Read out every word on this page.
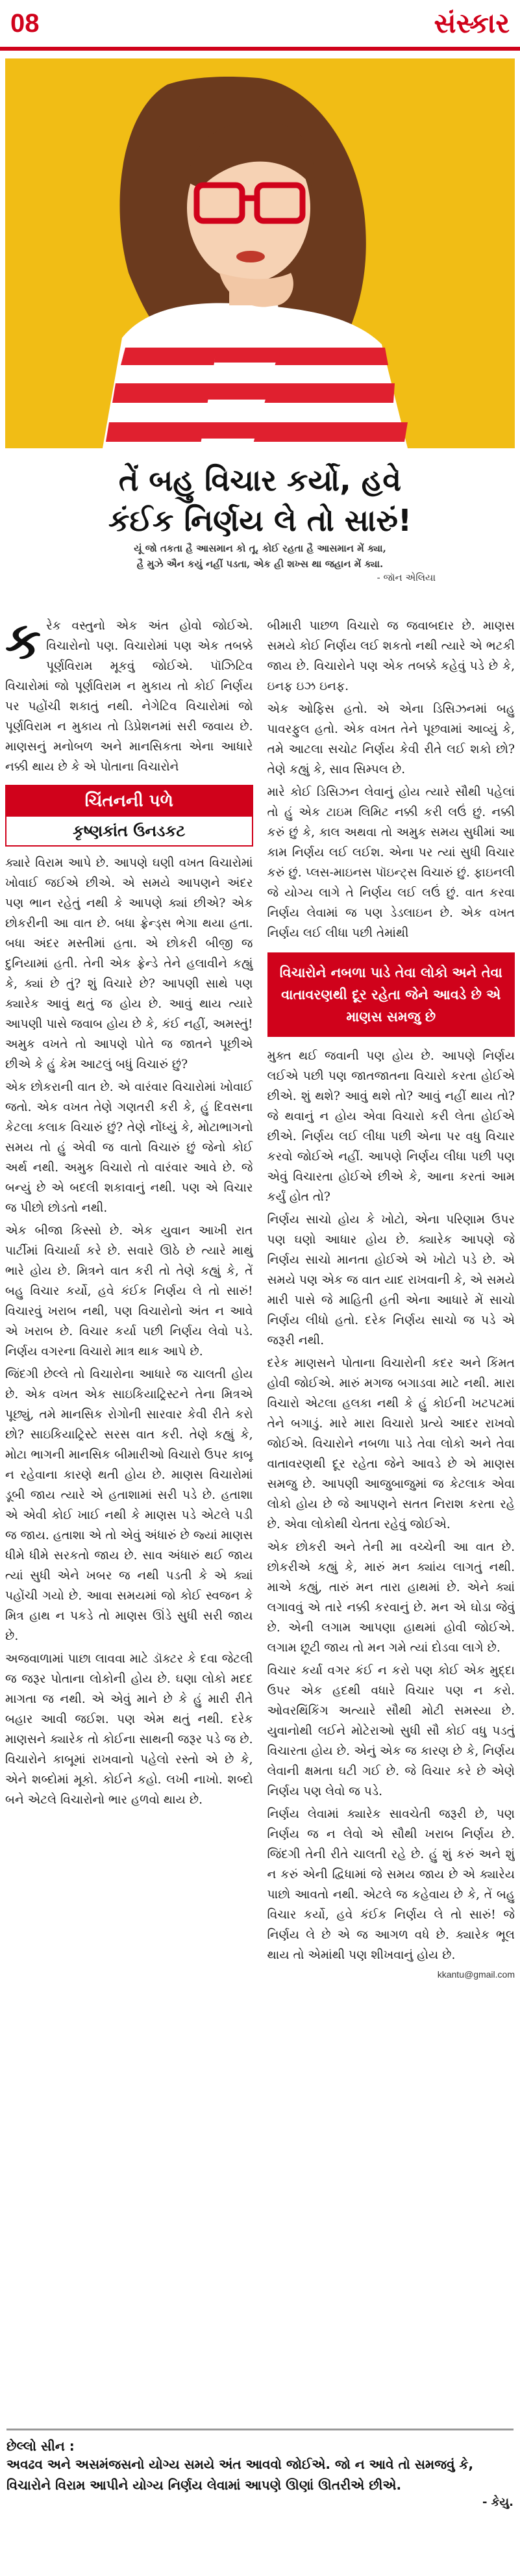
08	સંસ્કાર
તેં બહુ વિચાર કર્યો, હવે
કંઈક નિર્ણય લે તો સારું!
યૂં જો તકતા હૈ આસમાન કો તૂ, કોઈ રહતા હૈ આસમાન મેં ક્યા,
હૈ મુઝે ઐન કયું નહીં પડતા, એક હી શખ્સ થા જહાન મેં ક્યા.
- જૉન એલિયા

કરેક વસ્તુનો એક અંત હોવો જોઈએ. વિચારોનો પણ. વિચારોમાં પણ એક તબક્કે પૂર્ણવિરામ મૂકવું જોઈએ. પૉઝિટિવ વિચારોમાં જો પૂર્ણવિરામ ન મુકાય તો કોઈ નિર્ણય પર પહોંચી શકાતું નથી. નેગેટિવ વિચારોમાં જો પૂર્ણવિરામ ન મુકાય તો ડિપ્રેશનમાં સરી જવાય છે. માણસનું મનોબળ અને માનસિકતા એના આધારે નક્કી થાય છે કે એ પોતાના વિચારોને

ચિંતનની પળે
કૃષ્ણકાંત ઉનડકટ

ક્યારે વિરામ આપે છે. આપણે ઘણી વખત વિચારોમાં ખોવાઈ જઈએ છીએ. એ સમયે આપણને અંદર પણ ભાન રહેતું નથી કે આપણે ક્યાં છીએ? એક છોકરીની આ વાત છે. બધા ફ્રેન્ડ્સ ભેગા થયા હતા. બધા અંદર મસ્તીમાં હતા. એ છોકરી બીજી જ દુનિયામાં હતી. તેની એક ફ્રેન્ડે તેને હલાવીને કહ્યું કે, ક્યાં છે તું? શું વિચારે છે? આપણી સાથે પણ ક્યારેક આવું થતું જ હોય છે. આવું થાય ત્યારે આપણી પાસે જવાબ હોય છે કે, કંઈ નહીં, અમસ્તું! અમુક વખતે તો આપણે પોતે જ જાતને પૂછીએ છીએ કે હું કેમ આટલું બધું વિચારું છું?

એક છોકરાની વાત છે. એ વારંવાર વિચારોમાં ખોવાઈ જતો. એક વખત તેણે ગણતરી કરી કે, હું દિવસના કેટલા કલાક વિચારું છું? તેણે નોંધ્યું કે, મોટાભાગનો સમય તો હું એવી જ વાતો વિચારું છું જેનો કોઈ અર્થ નથી. અમુક વિચારો તો વારંવાર આવે છે. જે બન્યું છે એ બદલી શકાવાનું નથી. પણ એ વિચાર જ પીછો છોડતો નથી.

એક બીજા કિસ્સો છે. એક યુવાન આખી રાત પાર્ટીમાં વિચાર્યા કરે છે. સવારે ઊઠે છે ત્યારે માથું ભારે હોય છે. મિત્રને વાત કરી તો તેણે કહ્યું કે, તેં બહુ વિચાર કર્યો, હવે કંઈક નિર્ણય લે તો સારું! વિચારવું ખરાબ નથી, પણ વિચારોનો અંત ન આવે એ ખરાબ છે. વિચાર કર્યા પછી નિર્ણય લેવો પડે. નિર્ણય વગરના વિચારો માત્ર થાક આપે છે.

જિંદગી છેલ્લે તો વિચારોના આધારે જ ચાલતી હોય છે. એક વખત એક સાઇકિયાટ્રિસ્ટને તેના મિત્રએ પૂછ્યું, તમે માનસિક રોગોની સારવાર કેવી રીતે કરો છો? સાઇકિયાટ્રિસ્ટે સરસ વાત કરી. તેણે કહ્યું કે, મોટા ભાગની માનસિક બીમારીઓ વિચારો ઉપર કાબૂ ન રહેવાના કારણે થતી હોય છે. માણસ વિચારોમાં ડૂબી જાય ત્યારે એ હતાશામાં સરી પડે છે. હતાશા એ એવી કોઈ ખાઈ નથી કે માણસ પડે એટલે પડી જ જાય. હતાશા એ તો એવું અંધારું છે જ્યાં માણસ ધીમે ધીમે સરકતો જાય છે. સાવ અંધારું થઈ જાય ત્યાં સુધી એને ખબર જ નથી પડતી કે એ ક્યાં પહોંચી ગયો છે. આવા સમયમાં જો કોઈ સ્વજન કે મિત્ર હાથ ન પકડે તો માણસ ઊંડે સુધી સરી જાય છે.

અજવાળામાં પાછા લાવવા માટે ડૉક્ટર કે દવા જેટલી જ જરૂર પોતાના લોકોની હોય છે. ઘણા લોકો મદદ માગતા જ નથી. એ એવું માને છે કે હું મારી રીતે બહાર આવી જઈશ. પણ એમ થતું નથી. દરેક માણસને ક્યારેક તો કોઈના સાથની જરૂર પડે જ છે. વિચારોને કાબૂમાં રાખવાનો પહેલો રસ્તો એ છે કે, એને શબ્દોમાં મૂકો. કોઈને કહો. લખી નાખો. શબ્દો બને એટલે વિચારોનો ભાર હળવો થાય છે.

બીમારી પાછળ વિચારો જ જવાબદાર છે. માણસ સમયે કોઈ નિર્ણય લઈ શકતો નથી ત્યારે એ ભટકી જાય છે. વિચારોને પણ એક તબક્કે કહેવું પડે છે કે, ઇનફ ઇઝ ઇનફ.

એક ઓફિસ હતો. એ એના ડિસિઝનમાં બહુ પાવરફુલ હતો. એક વખત તેને પૂછવામાં આવ્યું કે, તમે આટલા સચોટ નિર્ણય કેવી રીતે લઈ શકો છો? તેણે કહ્યું કે, સાવ સિમ્પલ છે.

મારે કોઈ ડિસિઝન લેવાનું હોય ત્યારે સૌથી પહેલાં તો હું એક ટાઇમ લિમિટ નક્કી કરી લઉં છું. નક્કી કરું છું કે, કાલ અથવા તો અમુક સમય સુધીમાં આ કામ નિર્ણય લઈ લઈશ. એના પર ત્યાં સુધી વિચાર કરું છું. પ્લસ-માઇનસ પૉઇન્ટ્સ વિચારું છું. ફાઇનલી જે યોગ્ય લાગે તે નિર્ણય લઈ લઉં છું. વાત કરવા નિર્ણય લેવામાં જ પણ ડેડલાઇન છે. એક વખત નિર્ણય લઈ લીધા પછી તેમાંથી

વિચારોને નબળા પાડે તેવા લોકો અને તેવા વાતાવરણથી દૂર રહેતા જેને આવડે છે એ માણસ સમજુ છે

મુક્ત થઈ જવાની પણ હોય છે. આપણે નિર્ણય લઈએ પછી પણ જાતજાતના વિચારો કરતા હોઈએ છીએ. શું થશે? આવું થશે તો? આવું નહીં થાય તો? જે થવાનું ન હોય એવા વિચારો કરી લેતા હોઈએ છીએ. નિર્ણય લઈ લીધા પછી એના પર વધુ વિચાર કરવો જોઈએ નહીં. આપણે નિર્ણય લીધા પછી પણ એવું વિચારતા હોઈએ છીએ કે, આના કરતાં આમ કર્યું હોત તો?

નિર્ણય સાચો હોય કે ખોટો, એના પરિણામ ઉપર પણ ઘણો આધાર હોય છે. ક્યારેક આપણે જે નિર્ણય સાચો માનતા હોઈએ એ ખોટો પડે છે. એ સમયે પણ એક જ વાત યાદ રાખવાની કે, એ સમયે મારી પાસે જે માહિતી હતી એના આધારે મેં સાચો નિર્ણય લીધો હતો. દરેક નિર્ણય સાચો જ પડે એ જરૂરી નથી.

દરેક માણસને પોતાના વિચારોની કદર અને કિંમત હોવી જોઈએ. મારું મગજ બગાડવા માટે નથી. મારા વિચારો એટલા હલકા નથી કે હું કોઈની ખટપટમાં તેને બગાડું. મારે મારા વિચારો પ્રત્યે આદર રાખવો જોઈએ. વિચારોને નબળા પાડે તેવા લોકો અને તેવા વાતાવરણથી દૂર રહેતા જેને આવડે છે એ માણસ સમજુ છે. આપણી આજુબાજુમાં જ કેટલાક એવા લોકો હોય છે જે આપણને સતત નિરાશ કરતા રહે છે. એવા લોકોથી ચેતતા રહેવું જોઈએ.

એક છોકરી અને તેની મા વચ્ચેની આ વાત છે. છોકરીએ કહ્યું કે, મારું મન ક્યાંય લાગતું નથી. માએ કહ્યું, તારું મન તારા હાથમાં છે. એને ક્યાં લગાવવું એ તારે નક્કી કરવાનું છે. મન એ ઘોડા જેવું છે. એની લગામ આપણા હાથમાં હોવી જોઈએ. લગામ છૂટી જાય તો મન ગમે ત્યાં દોડવા લાગે છે.

વિચાર કર્યા વગર કંઈ ન કરો પણ કોઈ એક મુદ્દા ઉપર એક હદથી વધારે વિચાર પણ ન કરો. ઓવરથિંકિંગ અત્યારે સૌથી મોટી સમસ્યા છે. યુવાનોથી લઈને મોટેરાઓ સુધી સૌ કોઈ વધુ પડતું વિચારતા હોય છે. એનું એક જ કારણ છે કે, નિર્ણય લેવાની ક્ષમતા ઘટી ગઈ છે. જે વિચાર કરે છે એણે નિર્ણય પણ લેવો જ પડે.

નિર્ણય લેવામાં ક્યારેક સાવચેતી જરૂરી છે, પણ નિર્ણય જ ન લેવો એ સૌથી ખરાબ નિર્ણય છે. જિંદગી તેની રીતે ચાલતી રહે છે. હું શું કરું અને શું ન કરું એની દ્વિધામાં જે સમય જાય છે એ ક્યારેય પાછો આવતો નથી. એટલે જ કહેવાય છે કે, તેં બહુ વિચાર કર્યો, હવે કંઈક નિર્ણય લે તો સારું! જે નિર્ણય લે છે એ જ આગળ વધે છે. ક્યારેક ભૂલ થાય તો એમાંથી પણ શીખવાનું હોય છે.

kkantu@gmail.com
છેલ્લો સીન :
અવઢવ અને અસમંજસનો યોગ્ય સમયે અંત આવવો જોઈએ. જો ન આવે તો સમજવું કે, વિચારોને વિરામ આપીને યોગ્ય નિર્ણય લેવામાં આપણે ઊણાં ઊતરીએ છીએ.
- કેયુ.
